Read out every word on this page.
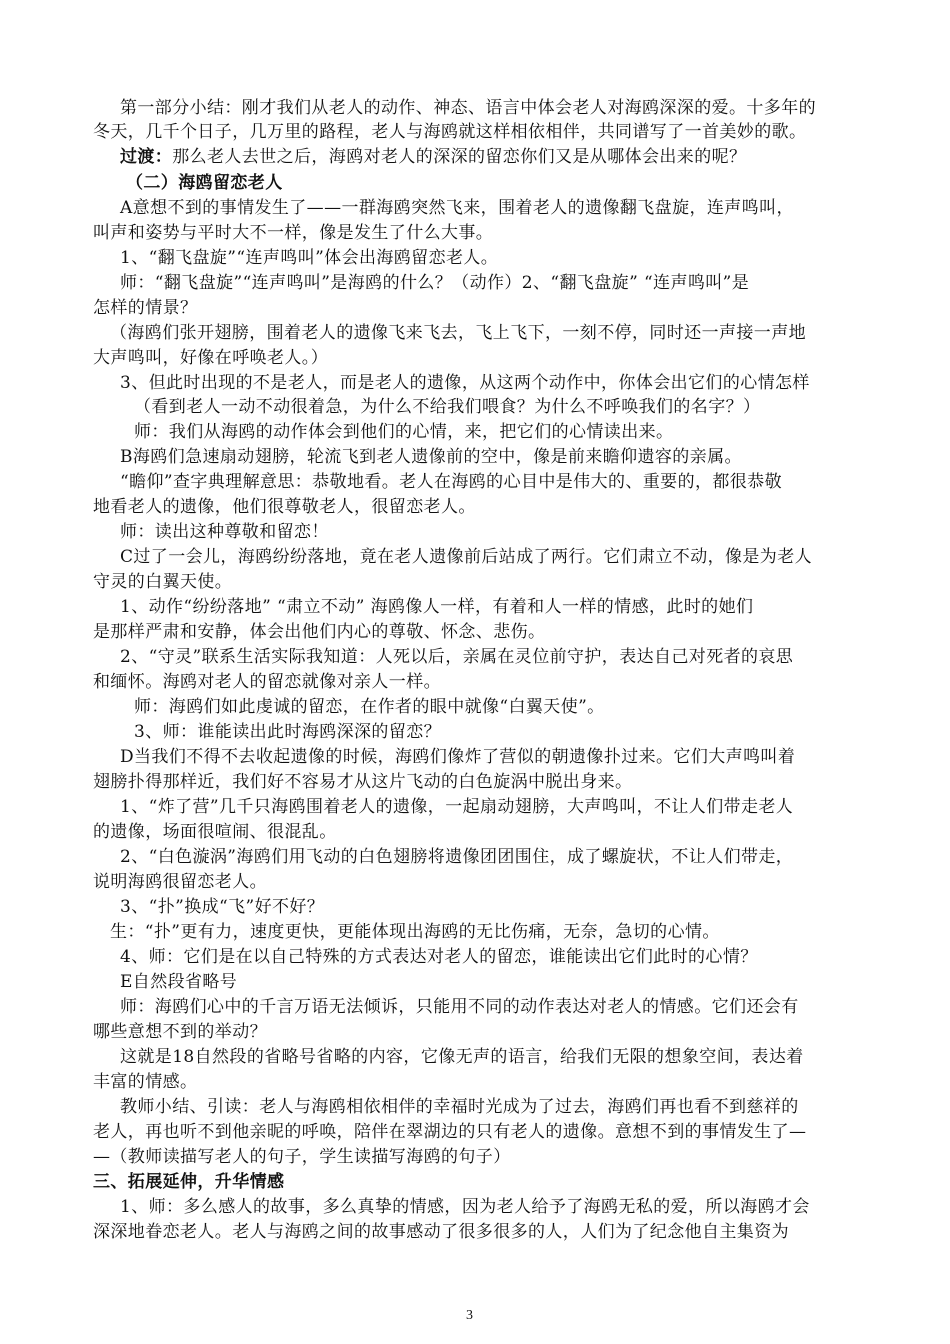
第一部分小结：刚才我们从老人的动作、神态、语言中体会老人对海鸥深深的爱。十多年的
冬天，几千个日子，几万里的路程，老人与海鸥就这样相依相伴，共同谱写了一首美妙的歌。
过渡：那么老人去世之后，海鸥对老人的深深的留恋你们又是从哪体会出来的呢？
（二）海鸥留恋老人
A意想不到的事情发生了——一群海鸥突然飞来，围着老人的遗像翻飞盘旋，连声鸣叫，
叫声和姿势与平时大不一样，像是发生了什么大事。
1、“翻飞盘旋”“连声鸣叫”体会出海鸥留恋老人。
师：“翻飞盘旋”“连声鸣叫”是海鸥的什么？（动作）2、“翻飞盘旋” “连声鸣叫”是
怎样的情景？
（海鸥们张开翅膀，围着老人的遗像飞来飞去，飞上飞下，一刻不停，同时还一声接一声地
大声鸣叫，好像在呼唤老人。）
3、但此时出现的不是老人，而是老人的遗像，从这两个动作中，你体会出它们的心情怎样
（看到老人一动不动很着急，为什么不给我们喂食？为什么不呼唤我们的名字？）
师：我们从海鸥的动作体会到他们的心情，来，把它们的心情读出来。
B海鸥们急速扇动翅膀，轮流飞到老人遗像前的空中，像是前来瞻仰遗容的亲属。
“瞻仰”查字典理解意思：恭敬地看。老人在海鸥的心目中是伟大的、重要的，都很恭敬
地看老人的遗像，他们很尊敬老人，很留恋老人。
师：读出这种尊敬和留恋！
C过了一会儿，海鸥纷纷落地，竟在老人遗像前后站成了两行。它们肃立不动，像是为老人
守灵的白翼天使。
1、动作“纷纷落地” “肃立不动” 海鸥像人一样，有着和人一样的情感，此时的她们
是那样严肃和安静，体会出他们内心的尊敬、怀念、悲伤。
2、“守灵”联系生活实际我知道：人死以后，亲属在灵位前守护，表达自己对死者的哀思
和缅怀。海鸥对老人的留恋就像对亲人一样。
师：海鸥们如此虔诚的留恋，在作者的眼中就像“白翼天使”。
3、师：谁能读出此时海鸥深深的留恋？
D当我们不得不去收起遗像的时候，海鸥们像炸了营似的朝遗像扑过来。它们大声鸣叫着
翅膀扑得那样近，我们好不容易才从这片飞动的白色旋涡中脱出身来。
1、“炸了营”几千只海鸥围着老人的遗像，一起扇动翅膀，大声鸣叫，不让人们带走老人
的遗像，场面很喧闹、很混乱。
2、“白色漩涡”海鸥们用飞动的白色翅膀将遗像团团围住，成了螺旋状，不让人们带走，
说明海鸥很留恋老人。
3、“扑”换成“飞”好不好？
生：“扑”更有力，速度更快，更能体现出海鸥的无比伤痛，无奈，急切的心情。
4、师：它们是在以自己特殊的方式表达对老人的留恋，谁能读出它们此时的心情？
E自然段省略号
师：海鸥们心中的千言万语无法倾诉，只能用不同的动作表达对老人的情感。它们还会有
哪些意想不到的举动？
这就是18自然段的省略号省略的内容，它像无声的语言，给我们无限的想象空间，表达着
丰富的情感。
教师小结、引读：老人与海鸥相依相伴的幸福时光成为了过去，海鸥们再也看不到慈祥的
老人，再也听不到他亲昵的呼唤，陪伴在翠湖边的只有老人的遗像。意想不到的事情发生了—
—（教师读描写老人的句子，学生读描写海鸥的句子）
三、拓展延伸，升华情感
1、师：多么感人的故事，多么真挚的情感，因为老人给予了海鸥无私的爱，所以海鸥才会
深深地眷恋老人。老人与海鸥之间的故事感动了很多很多的人，人们为了纪念他自主集资为
3
